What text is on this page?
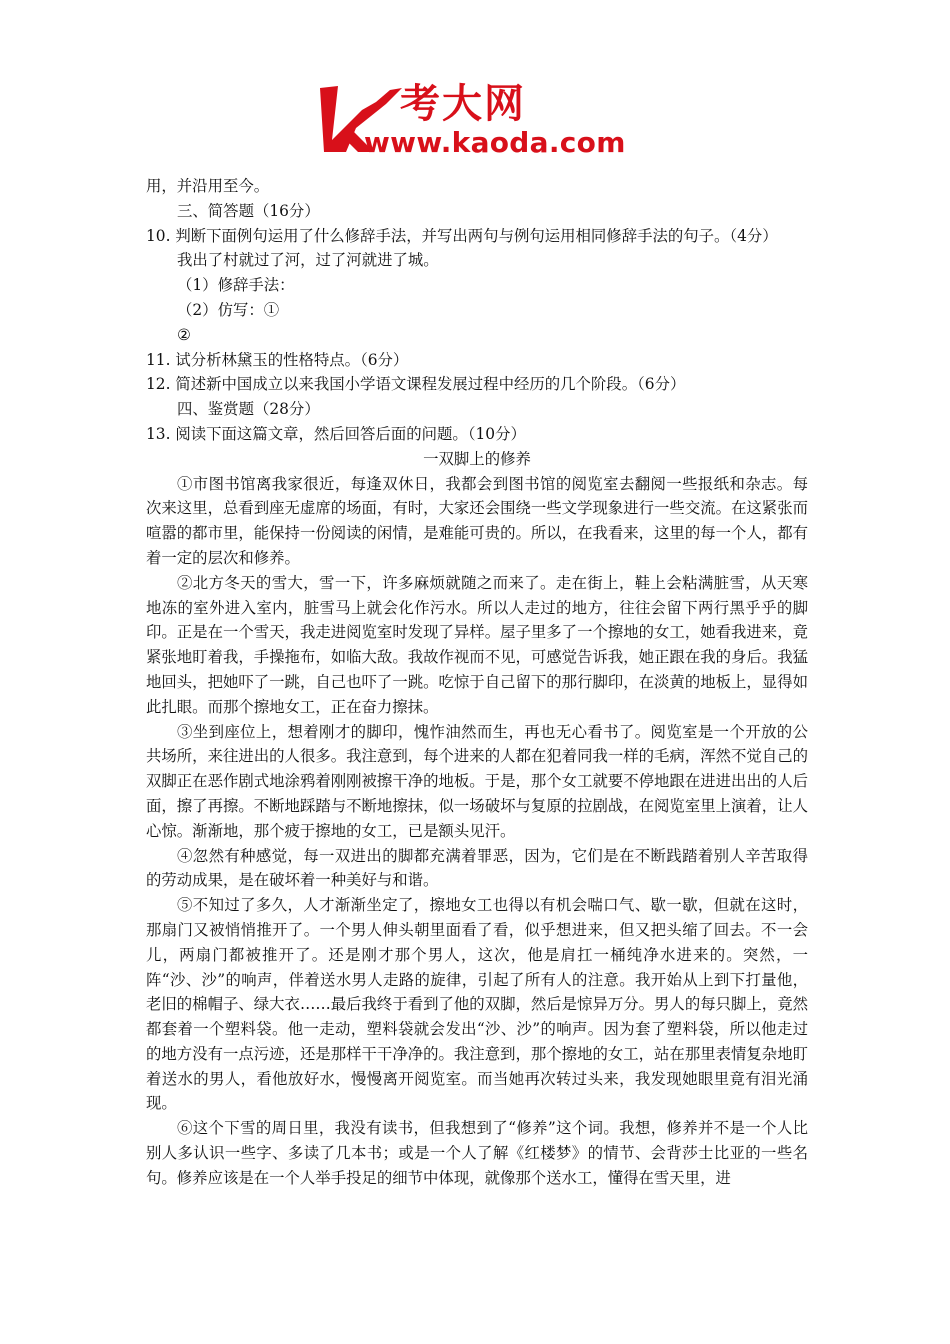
考大网
www.kaoda.com

用，并沿用至今。

三、简答题（16分）

10. 判断下面例句运用了什么修辞手法，并写出两句与例句运用相同修辞手法的句子。（4分）

我出了村就过了河，过了河就进了城。

（1）修辞手法：

（2）仿写：①

②

11. 试分析林黛玉的性格特点。（6分）

12. 简述新中国成立以来我国小学语文课程发展过程中经历的几个阶段。（6分）

四、鉴赏题（28分）

13. 阅读下面这篇文章，然后回答后面的问题。（10分）

一双脚上的修养

①市图书馆离我家很近，每逢双休日，我都会到图书馆的阅览室去翻阅一些报纸和杂志。每次来这里，总看到座无虚席的场面，有时，大家还会围绕一些文学现象进行一些交流。在这紧张而喧嚣的都市里，能保持一份阅读的闲情，是难能可贵的。所以，在我看来，这里的每一个人，都有着一定的层次和修养。

②北方冬天的雪大，雪一下，许多麻烦就随之而来了。走在街上，鞋上会粘满脏雪，从天寒地冻的室外进入室内，脏雪马上就会化作污水。所以人走过的地方，往往会留下两行黑乎乎的脚印。正是在一个雪天，我走进阅览室时发现了异样。屋子里多了一个擦地的女工，她看我进来，竟紧张地盯着我，手操拖布，如临大敌。我故作视而不见，可感觉告诉我，她正跟在我的身后。我猛地回头，把她吓了一跳，自己也吓了一跳。吃惊于自己留下的那行脚印，在淡黄的地板上，显得如此扎眼。而那个擦地女工，正在奋力擦抹。

③坐到座位上，想着刚才的脚印，愧怍油然而生，再也无心看书了。阅览室是一个开放的公共场所，来往进出的人很多。我注意到，每个进来的人都在犯着同我一样的毛病，浑然不觉自己的双脚正在恶作剧式地涂鸦着刚刚被擦干净的地板。于是，那个女工就要不停地跟在进进出出的人后面，擦了再擦。不断地踩踏与不断地擦抹，似一场破坏与复原的拉剧战，在阅览室里上演着，让人心惊。渐渐地，那个疲于擦地的女工，已是额头见汗。

④忽然有种感觉，每一双进出的脚都充满着罪恶，因为，它们是在不断践踏着别人辛苦取得的劳动成果，是在破坏着一种美好与和谐。

⑤不知过了多久，人才渐渐坐定了，擦地女工也得以有机会喘口气、歇一歇，但就在这时，那扇门又被悄悄推开了。一个男人伸头朝里面看了看，似乎想进来，但又把头缩了回去。不一会儿，两扇门都被推开了。还是刚才那个男人，这次，他是肩扛一桶纯净水进来的。突然，一阵“沙、沙”的响声，伴着送水男人走路的旋律，引起了所有人的注意。我开始从上到下打量他，老旧的棉帽子、绿大衣……最后我终于看到了他的双脚，然后是惊异万分。男人的每只脚上，竟然都套着一个塑料袋。他一走动，塑料袋就会发出“沙、沙”的响声。因为套了塑料袋，所以他走过的地方没有一点污迹，还是那样干干净净的。我注意到，那个擦地的女工，站在那里表情复杂地盯着送水的男人，看他放好水，慢慢离开阅览室。而当她再次转过头来，我发现她眼里竟有泪光涌现。

⑥这个下雪的周日里，我没有读书，但我想到了“修养”这个词。我想，修养并不是一个人比别人多认识一些字、多读了几本书；或是一个人了解《红楼梦》的情节、会背莎士比亚的一些名句。修养应该是在一个人举手投足的细节中体现，就像那个送水工，懂得在雪天里，进
